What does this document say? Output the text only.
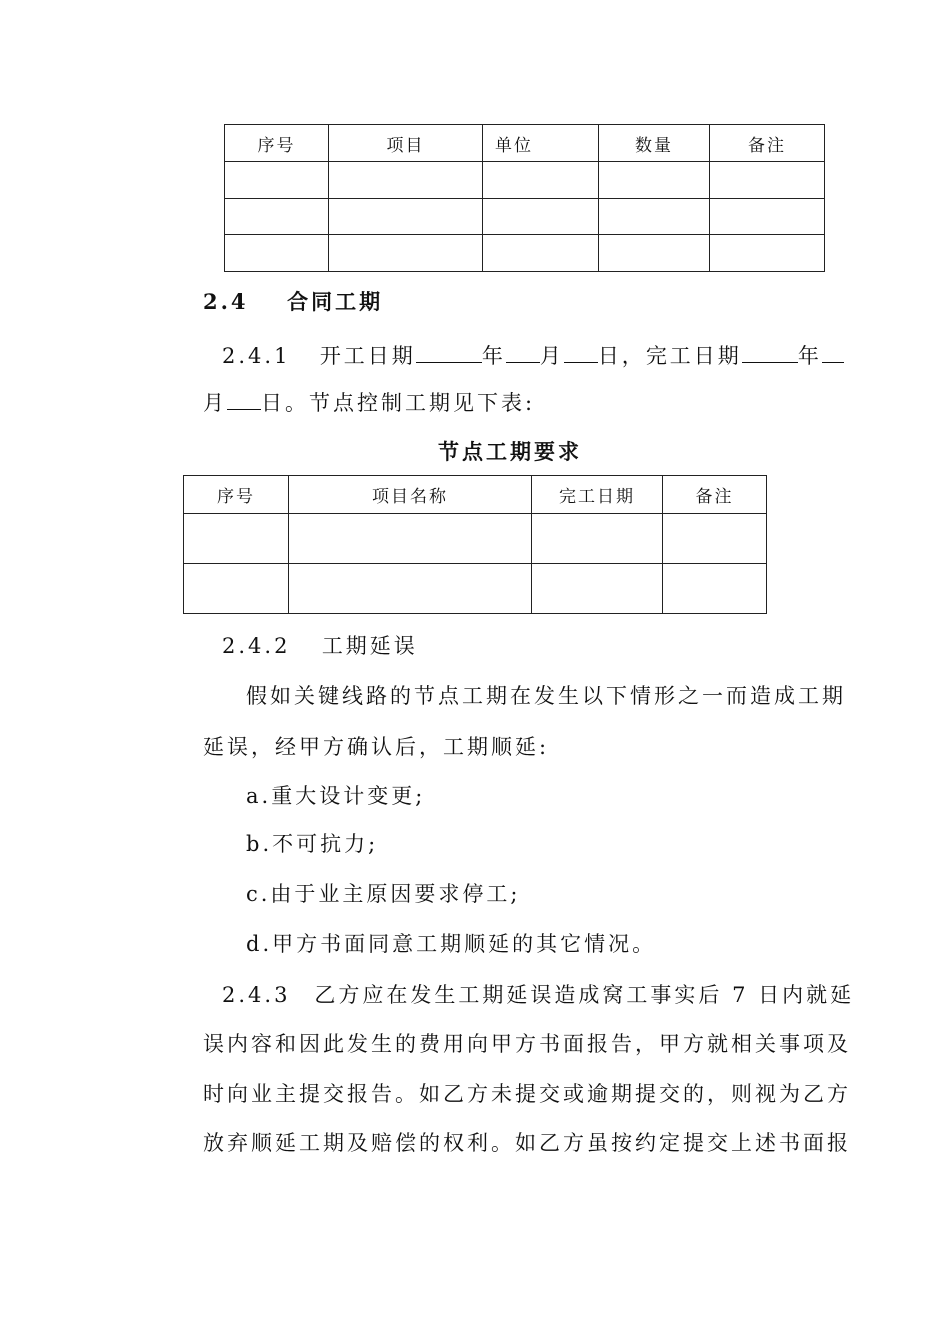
序号	项目	单位	数量	备注

2.4 合同工期
2.4.1 开工日期	年 月 日，完工日期	年
月 日。节点控制工期见下表:
节点工期要求
序号	项目名称	完工日期	备注

2.4.2 工期延误
假如关键线路的节点工期在发生以下情形之一而造成工期
延误，经甲方确认后，工期顺延:
a.重大设计变更;
b.不可抗力;
c.由于业主原因要求停工;
d.甲方书面同意工期顺延的其它情况。
2.4.3　乙方应在发生工期延误造成窝工事实后 7 日内就延
误内容和因此发生的费用向甲方书面报告，甲方就相关事项及
时向业主提交报告。如乙方未提交或逾期提交的，则视为乙方
放弃顺延工期及赔偿的权利。如乙方虽按约定提交上述书面报
